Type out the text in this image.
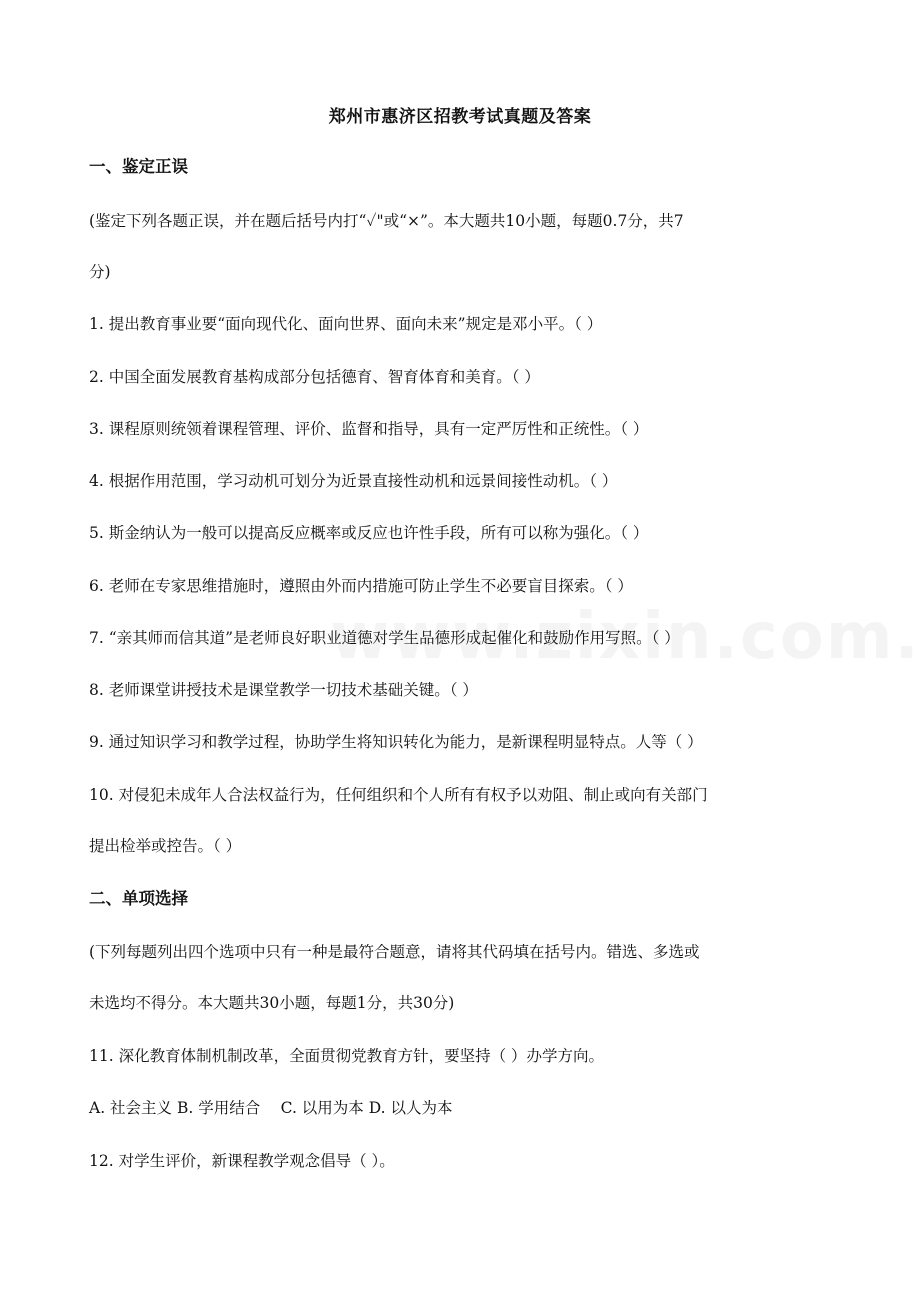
郑州市惠济区招教考试真题及答案
一、鉴定正误
(鉴定下列各题正误，并在题后括号内打“✓"或“×”。本大题共10小题，每题0.7分，共7
分)
1. 提出教育事业要“面向现代化、面向世界、面向未来”规定是邓小平。（ ）
2. 中国全面发展教育基构成部分包括德育、智育体育和美育。（ ）
3. 课程原则统领着课程管理、评价、监督和指导，具有一定严厉性和正统性。（ ）
4. 根据作用范围，学习动机可划分为近景直接性动机和远景间接性动机。（ ）
5. 斯金纳认为一般可以提高反应概率或反应也许性手段，所有可以称为强化。（ ）
6. 老师在专家思维措施时，遵照由外而内措施可防止学生不必要盲目探索。（ ）
7. “亲其师而信其道”是老师良好职业道德对学生品德形成起催化和鼓励作用写照。（ ）
8. 老师课堂讲授技术是课堂教学一切技术基础关键。（ ）
9. 通过知识学习和教学过程，协助学生将知识转化为能力，是新课程明显特点。人等（ ）
10. 对侵犯未成年人合法权益行为，任何组织和个人所有有权予以劝阻、制止或向有关部门
提出检举或控告。（ ）
二、单项选择
(下列每题列出四个选项中只有一种是最符合题意，请将其代码填在括号内。错选、多选或
未选均不得分。本大题共30小题，每题1分，共30分)
11. 深化教育体制机制改革，全面贯彻党教育方针，要坚持（ ）办学方向。
A. 社会主义 B. 学用结合　 C. 以用为本 D. 以人为本
12. 对学生评价，新课程教学观念倡导（ ）。
